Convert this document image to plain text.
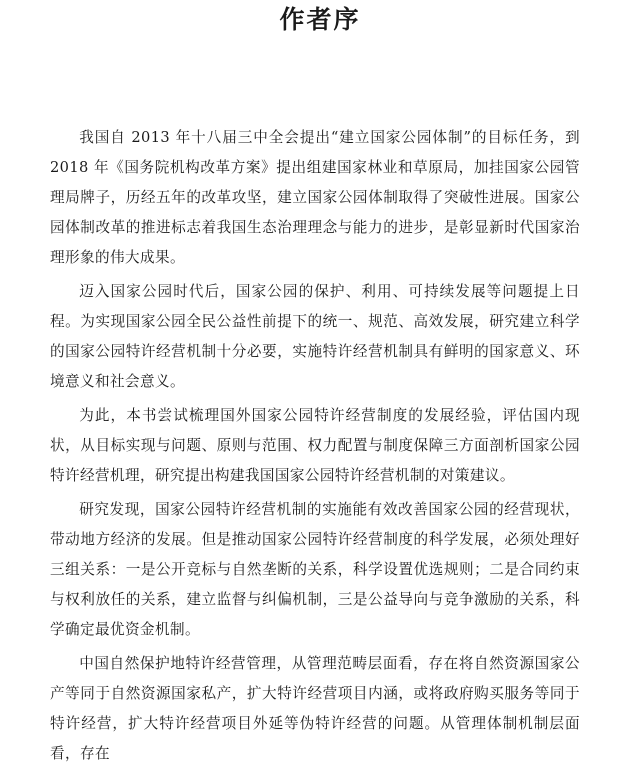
作者序

我国自 2013 年十八届三中全会提出“建立国家公园体制”的目标任务，到 2018 年《国务院机构改革方案》提出组建国家林业和草原局，加挂国家公园管理局牌子，历经五年的改革攻坚，建立国家公园体制取得了突破性进展。国家公园体制改革的推进标志着我国生态治理理念与能力的进步，是彰显新时代国家治理形象的伟大成果。

迈入国家公园时代后，国家公园的保护、利用、可持续发展等问题提上日程。为实现国家公园全民公益性前提下的统一、规范、高效发展，研究建立科学的国家公园特许经营机制十分必要，实施特许经营机制具有鲜明的国家意义、环境意义和社会意义。

为此，本书尝试梳理国外国家公园特许经营制度的发展经验，评估国内现状，从目标实现与问题、原则与范围、权力配置与制度保障三方面剖析国家公园特许经营机理，研究提出构建我国国家公园特许经营机制的对策建议。

研究发现，国家公园特许经营机制的实施能有效改善国家公园的经营现状，带动地方经济的发展。但是推动国家公园特许经营制度的科学发展，必须处理好三组关系：一是公开竞标与自然垄断的关系，科学设置优选规则；二是合同约束与权利放任的关系，建立监督与纠偏机制，三是公益导向与竞争激励的关系，科学确定最优资金机制。

中国自然保护地特许经营管理，从管理范畴层面看，存在将自然资源国家公产等同于自然资源国家私产，扩大特许经营项目内涵，或将政府购买服务等同于特许经营，扩大特许经营项目外延等伪特许经营的问题。从管理体制机制层面看，存在
